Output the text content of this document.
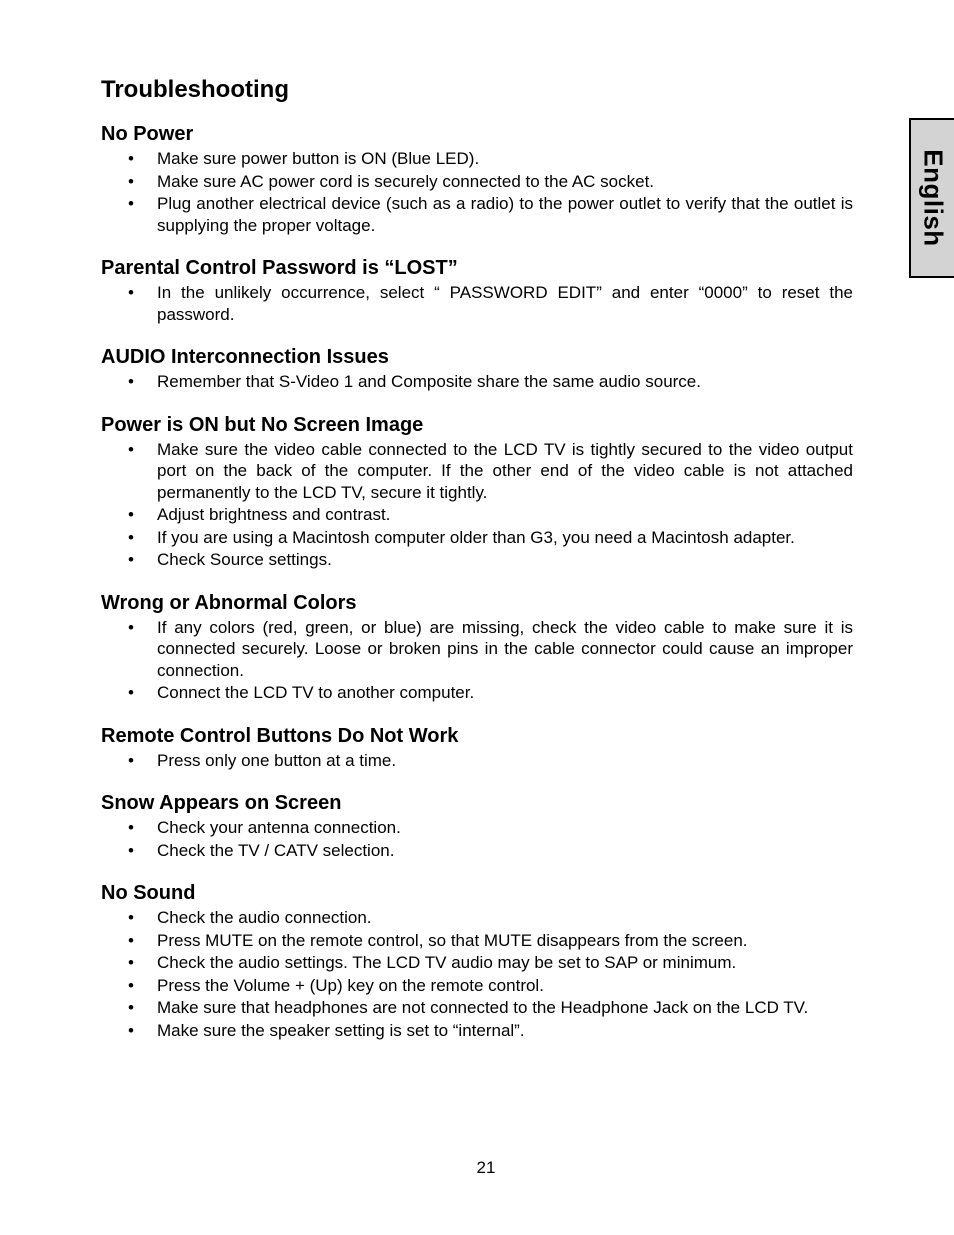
Troubleshooting
English
No Power
• Make sure power button is ON (Blue LED).
• Make sure AC power cord is securely connected to the AC socket.
• Plug another electrical device (such as a radio) to the power outlet to verify that the outlet is supplying the proper voltage.
Parental Control Password is “LOST”
• In the unlikely occurrence, select “ PASSWORD EDIT” and enter “0000” to reset the password.
AUDIO Interconnection Issues
• Remember that S-Video 1 and Composite share the same audio source.
Power is ON but No Screen Image
• Make sure the video cable connected to the LCD TV is tightly secured to the video output port on the back of the computer. If the other end of the video cable is not attached permanently to the LCD TV, secure it tightly.
• Adjust brightness and contrast.
• If you are using a Macintosh computer older than G3, you need a Macintosh adapter.
• Check Source settings.
Wrong or Abnormal Colors
• If any colors (red, green, or blue) are missing, check the video cable to make sure it is connected securely. Loose or broken pins in the cable connector could cause an improper connection.
• Connect the LCD TV to another computer.
Remote Control Buttons Do Not Work
• Press only one button at a time.
Snow Appears on Screen
• Check your antenna connection.
• Check the TV / CATV selection.
No Sound
• Check the audio connection.
• Press MUTE on the remote control, so that MUTE disappears from the screen.
• Check the audio settings. The LCD TV audio may be set to SAP or minimum.
• Press the Volume + (Up) key on the remote control.
• Make sure that headphones are not connected to the Headphone Jack on the LCD TV.
• Make sure the speaker setting is set to “internal”.
21
